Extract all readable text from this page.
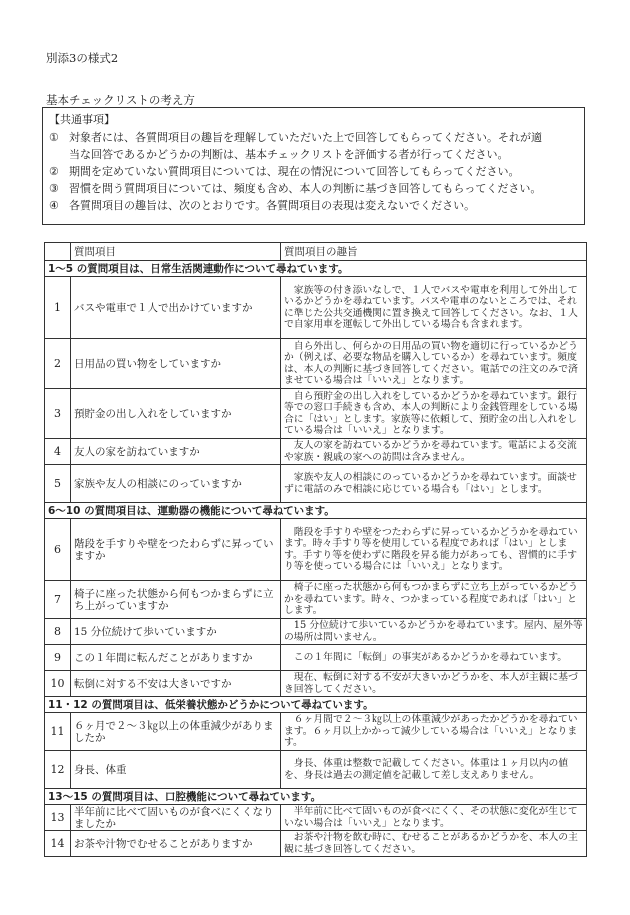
別添3の様式2
基本チェックリストの考え方
【共通事項】
① 対象者には、各質問項目の趣旨を理解していただいた上で回答してもらってください。それが適
当な回答であるかどうかの判断は、基本チェックリストを評価する者が行ってください。
② 期間を定めていない質問項目については、現在の情況について回答してもらってください。
③ 習慣を問う質問項目については、頻度も含め、本人の判断に基づき回答してもらってください。
④ 各質問項目の趣旨は、次のとおりです。各質問項目の表現は変えないでください。
	質問項目	質問項目の趣旨
1～5 の質問項目は、日常生活関連動作について尋ねています。		
1	バスや電車で１人で出かけていますか	　家族等の付き添いなしで、１人でバスや電車を利用して外出しているかどうかを尋ねています。バスや電車のないところでは、それに準じた公共交通機関に置き換えて回答してください。なお、１人で自家用車を運転して外出している場合も含まれます。
2	日用品の買い物をしていますか	　自ら外出し、何らかの日用品の買い物を適切に行っているかどうか（例えば、必要な物品を購入しているか）を尋ねています。頻度は、本人の判断に基づき回答してください。電話での注文のみで済ませている場合は「いいえ」となります。
3	預貯金の出し入れをしていますか	　自ら預貯金の出し入れをしているかどうかを尋ねています。銀行等での窓口手続きも含め、本人の判断により金銭管理をしている場合に「はい」とします。家族等に依頼して、預貯金の出し入れをしている場合は「いいえ」となります。
4	友人の家を訪ねていますか	　友人の家を訪ねているかどうかを尋ねています。電話による交流や家族・親戚の家への訪問は含みません。
5	家族や友人の相談にのっていますか	　家族や友人の相談にのっているかどうかを尋ねています。面談せずに電話のみで相談に応じている場合も「はい」とします。
6～10 の質問項目は、運動器の機能について尋ねています。		
6	階段を手すりや壁をつたわらずに昇っていますか	　階段を手すりや壁をつたわらずに昇っているかどうかを尋ねています。時々手すり等を使用している程度であれば「はい」とします。手すり等を使わずに階段を昇る能力があっても、習慣的に手すり等を使っている場合には「いいえ」となります。
7	椅子に座った状態から何もつかまらずに立ち上がっていますか	　椅子に座った状態から何もつかまらずに立ち上がっているかどうかを尋ねています。時々、つかまっている程度であれば「はい」とします。
8	15 分位続けて歩いていますか	　15 分位続けて歩いているかどうかを尋ねています。屋内、屋外等の場所は問いません。
9	この１年間に転んだことがありますか	　この１年間に「転倒」の事実があるかどうかを尋ねています。
10	転倒に対する不安は大きいですか	　現在、転倒に対する不安が大きいかどうかを、本人が主観に基づき回答してください。
11・12 の質問項目は、低栄養状態かどうかについて尋ねています。		
11	６ヶ月で２～３㎏以上の体重減少がありましたか	　６ヶ月間で２～３㎏以上の体重減少があったかどうかを尋ねています。６ヶ月以上かかって減少している場合は「いいえ」となります。
12	身長、体重	　身長、体重は整数で記載してください。体重は１ヶ月以内の値を、身長は過去の測定値を記載して差し支えありません。
13～15 の質問項目は、口腔機能について尋ねています。		
13	半年前に比べて固いものが食べにくくなりましたか	　半年前に比べて固いものが食べにくく、その状態に変化が生じていない場合は「いいえ」となります。
14	お茶や汁物でむせることがありますか	　お茶や汁物を飲む時に、むせることがあるかどうかを、本人の主観に基づき回答してください。
